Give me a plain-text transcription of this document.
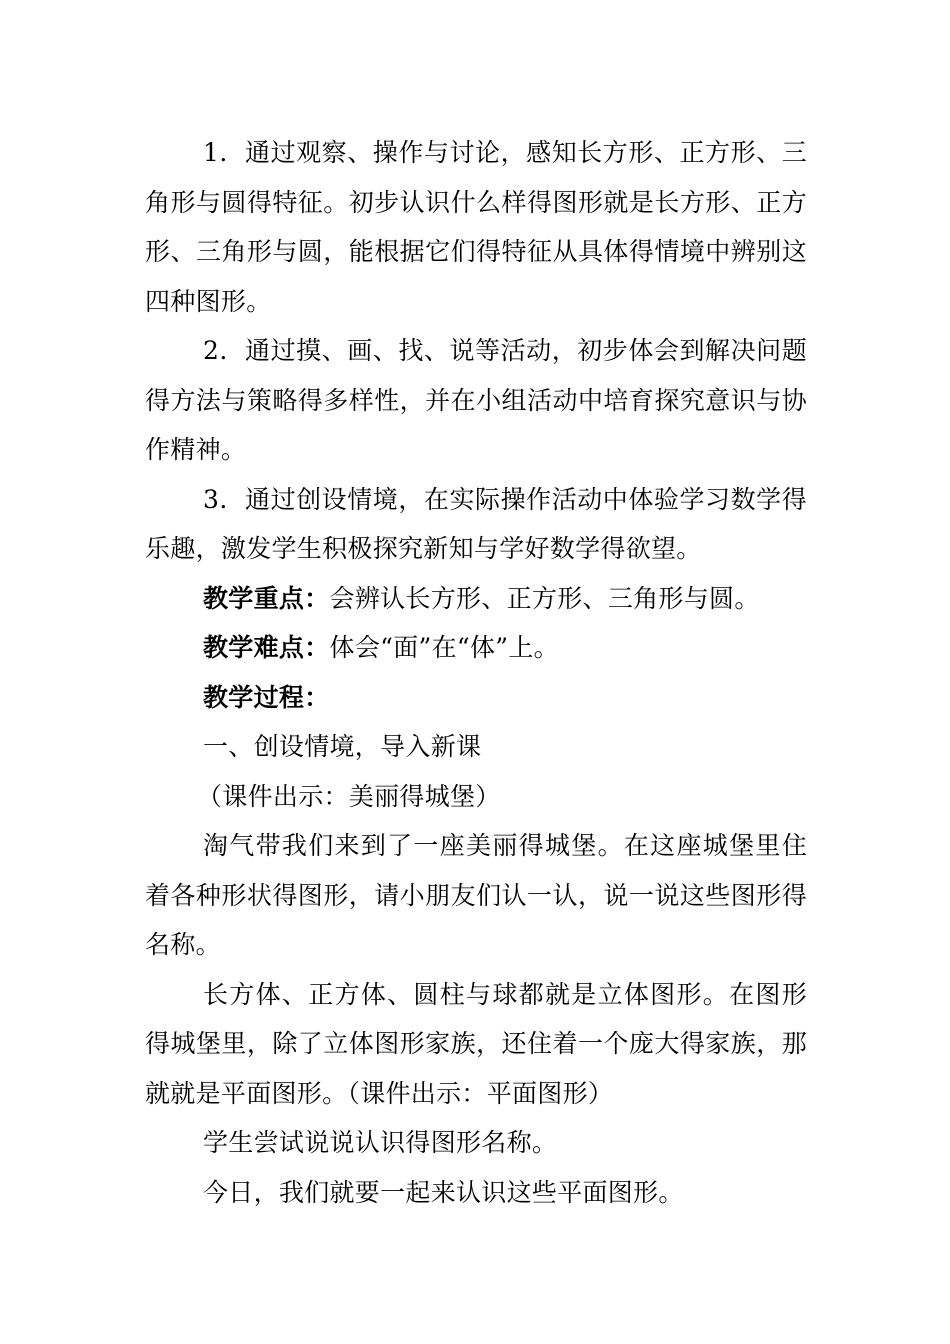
1．通过观察、操作与讨论，感知长方形、正方形、三角形与圆得特征。初步认识什么样得图形就是长方形、正方形、三角形与圆，能根据它们得特征从具体得情境中辨别这四种图形。

2．通过摸、画、找、说等活动，初步体会到解决问题得方法与策略得多样性，并在小组活动中培育探究意识与协作精神。

3．通过创设情境，在实际操作活动中体验学习数学得乐趣，激发学生积极探究新知与学好数学得欲望。

教学重点：会辨认长方形、正方形、三角形与圆。

教学难点：体会“面”在“体”上。

教学过程：

一、创设情境，导入新课

（课件出示：美丽得城堡）

淘气带我们来到了一座美丽得城堡。在这座城堡里住着各种形状得图形，请小朋友们认一认，说一说这些图形得名称。

长方体、正方体、圆柱与球都就是立体图形。在图形得城堡里，除了立体图形家族，还住着一个庞大得家族，那就就是平面图形。（课件出示：平面图形）

学生尝试说说认识得图形名称。

今日，我们就要一起来认识这些平面图形。
